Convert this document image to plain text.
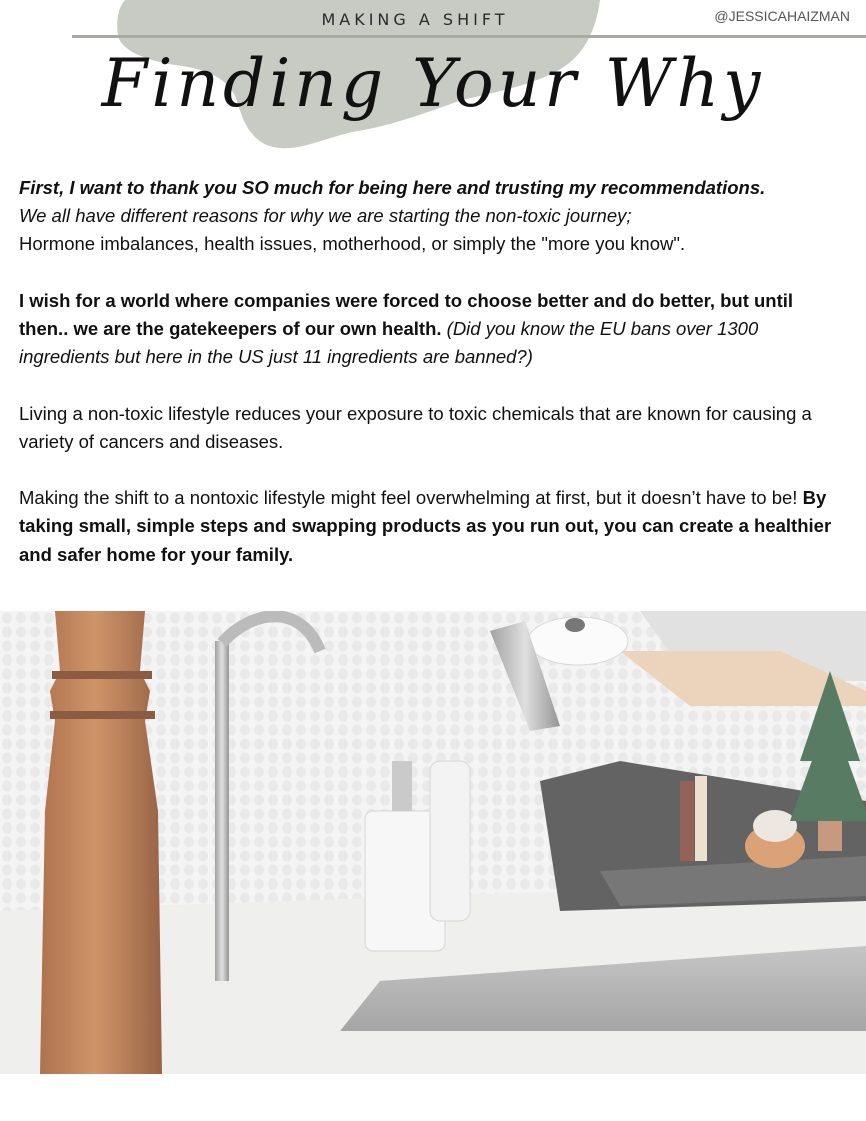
MAKING A SHIFT	@JESSICAHAIZMAN
Finding Your Why

First, I want to thank you SO much for being here and trusting my recommendations.
We all have different reasons for why we are starting the non-toxic journey;
Hormone imbalances, health issues, motherhood, or simply the "more you know".

I wish for a world where companies were forced to choose better and do better, but until then.. we are the gatekeepers of our own health. (Did you know the EU bans over 1300 ingredients but here in the US just 11 ingredients are banned?)

Living a non-toxic lifestyle reduces your exposure to toxic chemicals that are known for causing a variety of cancers and diseases.

Making the shift to a nontoxic lifestyle might feel overwhelming at first, but it doesn’t have to be! By taking small, simple steps and swapping products as you run out, you can create a healthier and safer home for your family.
